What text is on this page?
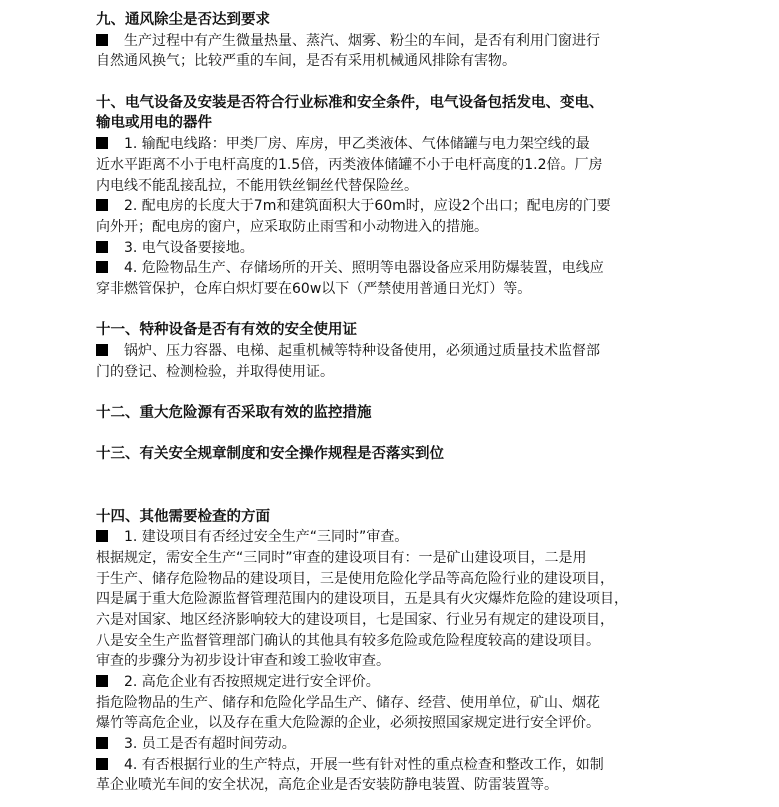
九、通风除尘是否达到要求
生产过程中有产生微量热量、蒸汽、烟雾、粉尘的车间，是否有利用门窗进行
自然通风换气；比较严重的车间，是否有采用机械通风排除有害物。
十、电气设备及安装是否符合行业标准和安全条件，电气设备包括发电、变电、
输电或用电的器件
1. 输配电线路：甲类厂房、库房，甲乙类液体、气体储罐与电力架空线的最
近水平距离不小于电杆高度的1.5倍，丙类液体储罐不小于电杆高度的1.2倍。厂房
内电线不能乱接乱拉，不能用铁丝铜丝代替保险丝。
2. 配电房的长度大于7m和建筑面积大于60m时，应设2个出口；配电房的门要
向外开；配电房的窗户，应采取防止雨雪和小动物进入的措施。
3. 电气设备要接地。
4. 危险物品生产、存储场所的开关、照明等电器设备应采用防爆装置，电线应
穿非燃管保护，仓库白炽灯要在60w以下（严禁使用普通日光灯）等。
十一、特种设备是否有有效的安全使用证
锅炉、压力容器、电梯、起重机械等特种设备使用，必须通过质量技术监督部
门的登记、检测检验，并取得使用证。
十二、重大危险源有否采取有效的监控措施
十三、有关安全规章制度和安全操作规程是否落实到位
十四、其他需要检查的方面
1. 建设项目有否经过安全生产“三同时”审查。
根据规定，需安全生产“三同时”审查的建设项目有：一是矿山建设项目，二是用
于生产、储存危险物品的建设项目，三是使用危险化学品等高危险行业的建设项目，
四是属于重大危险源监督管理范围内的建设项目，五是具有火灾爆炸危险的建设项目，
六是对国家、地区经济影响较大的建设项目，七是国家、行业另有规定的建设项目，
八是安全生产监督管理部门确认的其他具有较多危险或危险程度较高的建设项目。
审查的步骤分为初步设计审查和竣工验收审查。
2. 高危企业有否按照规定进行安全评价。
指危险物品的生产、储存和危险化学品生产、储存、经营、使用单位，矿山、烟花
爆竹等高危企业，以及存在重大危险源的企业，必须按照国家规定进行安全评价。
3. 员工是否有超时间劳动。
4. 有否根据行业的生产特点，开展一些有针对性的重点检查和整改工作，如制
革企业喷光车间的安全状况，高危企业是否安装防静电装置、防雷装置等。
